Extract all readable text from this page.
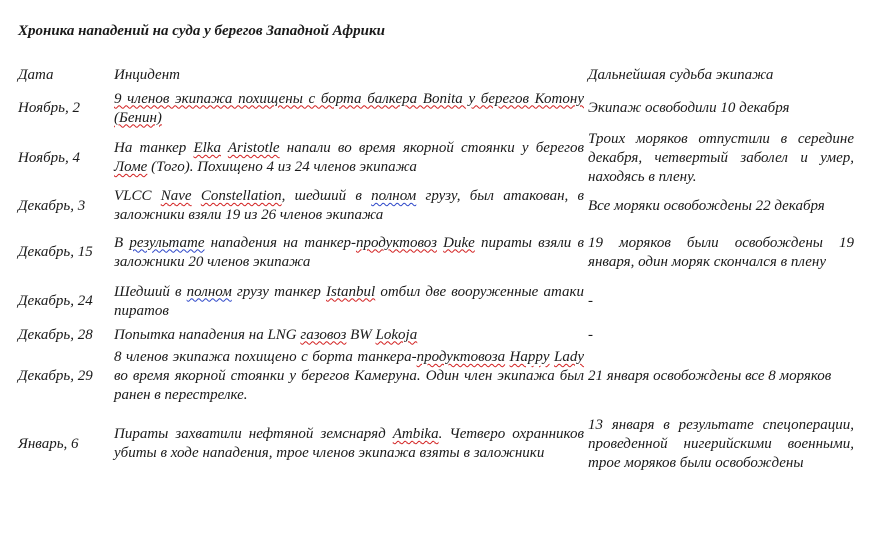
Хроника нападений на суда у берегов Западной Африки
Дата	Инцидент	Дальнейшая судьба экипажа
Ноябрь, 2	9 членов экипажа похищены с борта балкера Bonita у берегов Котону (Бенин)	Экипаж освободили 10 декабря
Ноябрь, 4	На танкер Elka Aristotle напали во время якорной стоянки у берегов Ломе (Того). Похищено 4 из 24 членов экипажа	Троих моряков отпустили в середине декабря, четвертый заболел и умер, находясь в плену.
Декабрь, 3	VLCC Nave Constellation, шедший в полном грузу, был атакован, в заложники взяли 19 из 26 членов экипажа	Все моряки освобождены 22 декабря
Декабрь, 15	В результате нападения на танкер-продуктовоз Duke пираты взяли в заложники 20 членов экипажа	19 моряков были освобождены 19 января, один моряк скончался в плену
Декабрь, 24	Шедший в полном грузу танкер Istanbul отбил две вооруженные атаки пиратов	-
Декабрь, 28	Попытка нападения на LNG газовоз BW Lokoja	-
Декабрь, 29	8 членов экипажа похищено с борта танкера-продуктовоза Happy Lady во время якорной стоянки у берегов Камеруна. Один член экипажа был ранен в перестрелке.	21 января освобождены все 8 моряков
Январь, 6	Пираты захватили нефтяной земснаряд Ambika. Четверо охранников убиты в ходе нападения, трое членов экипажа взяты в заложники	13 января в результате спецоперации, проведенной нигерийскими военными, трое моряков были освобождены
